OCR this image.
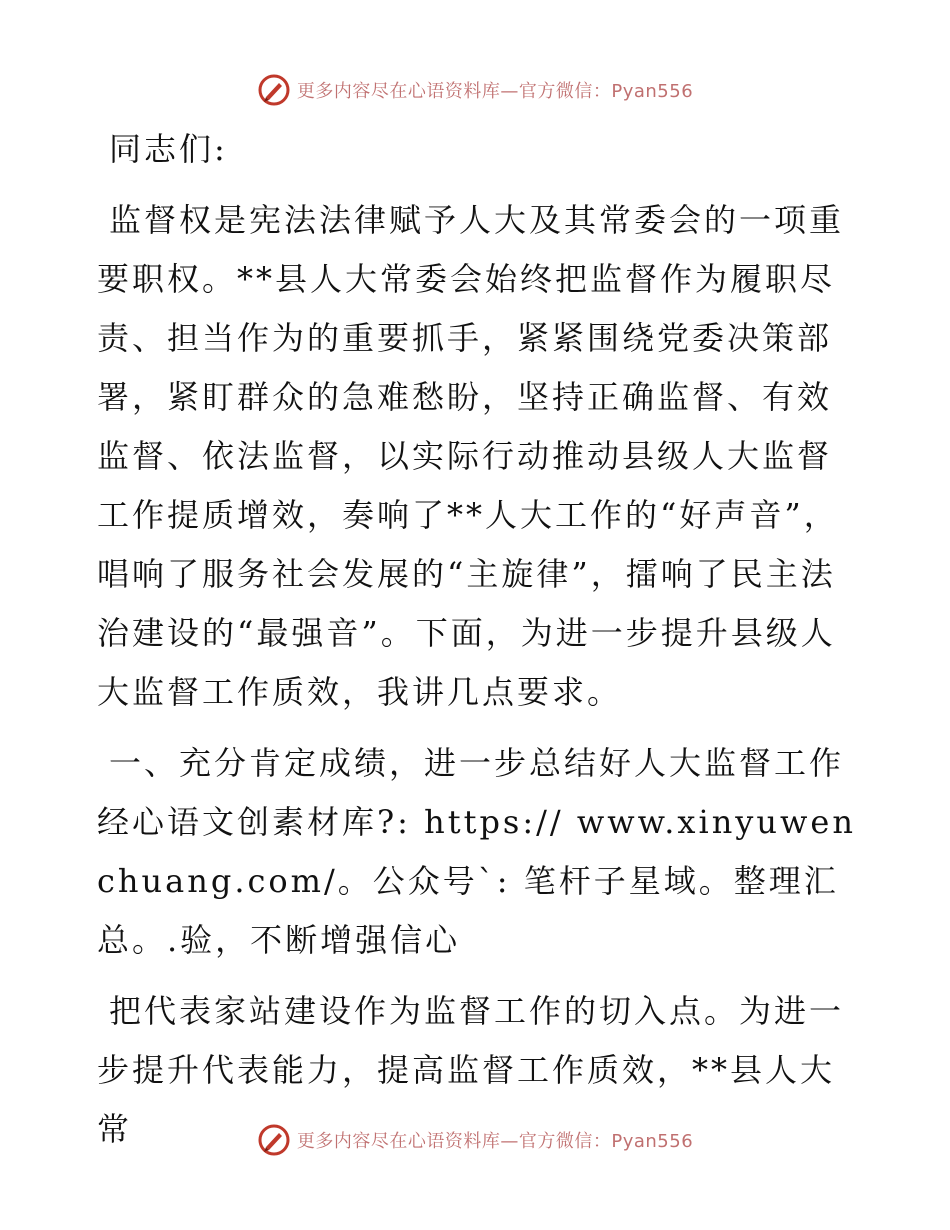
更多内容尽在心语资料库—官方微信：Pyan556

同志们:

监督权是宪法法律赋予人大及其常委会的一项重要职权。**县人大常委会始终把监督作为履职尽责、担当作为的重要抓手，紧紧围绕党委决策部署，紧盯群众的急难愁盼，坚持正确监督、有效监督、依法监督，以实际行动推动县级人大监督工作提质增效，奏响了**人大工作的“好声音”，唱响了服务社会发展的“主旋律”，擂响了民主法治建设的“最强音”。下面，为进一步提升县级人大监督工作质效，我讲几点要求。

一、充分肯定成绩，进一步总结好人大监督工作经心语文创素材库?: https:// www.xinyuwenchuang.com/。公众号`: 笔杆子星域。整理汇总。.验，不断增强信心

把代表家站建设作为监督工作的切入点。为进一步提升代表能力，提高监督工作质效，**县人大常	更多内容尽在心语资料库—官方微信：Pyan556
